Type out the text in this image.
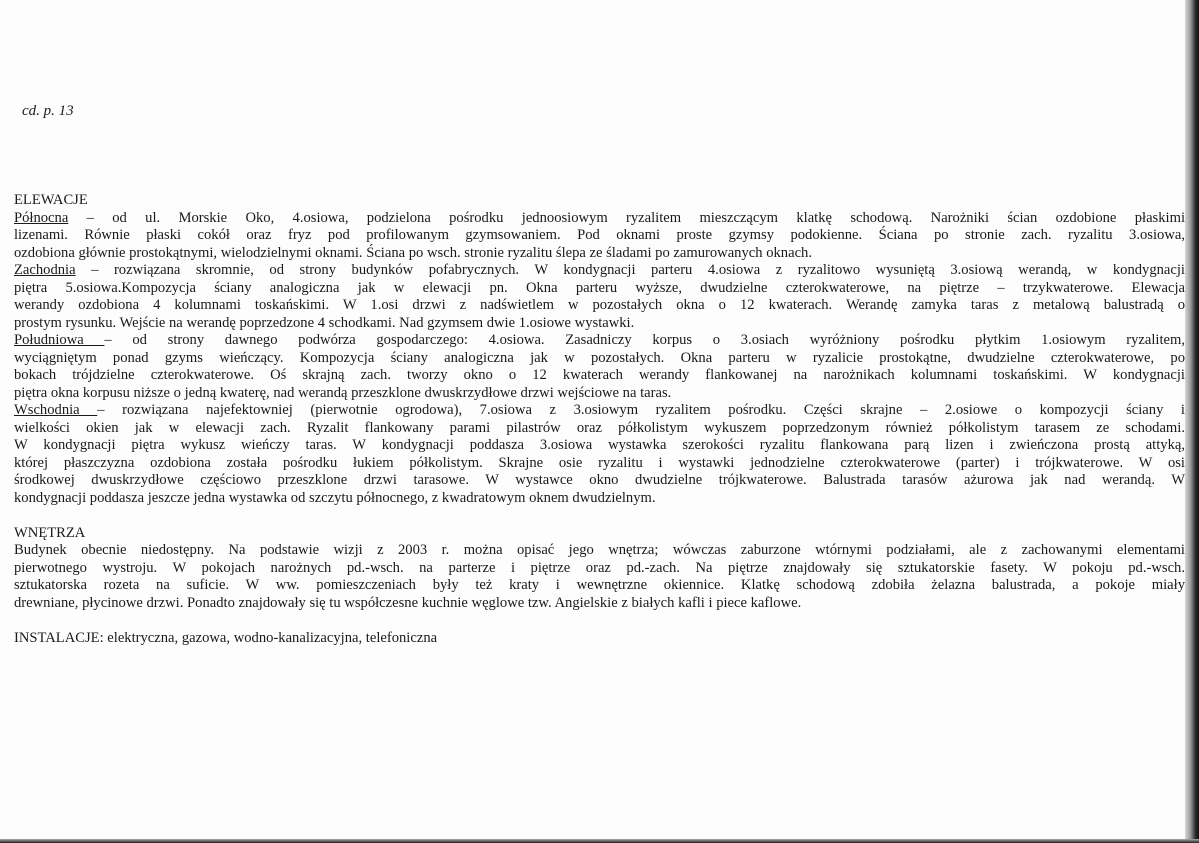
cd. p. 13
ELEWACJE
Północna – od ul. Morskie Oko, 4.osiowa, podzielona pośrodku jednoosiowym ryzalitem mieszczącym klatkę schodową. Narożniki ścian ozdobione płaskimi
lizenami. Równie płaski cokół oraz fryz pod profilowanym gzymsowaniem. Pod oknami proste gzymsy podokienne. Ściana po stronie zach. ryzalitu 3.osiowa,
ozdobiona głównie prostokątnymi, wielodzielnymi oknami. Ściana po wsch. stronie ryzalitu ślepa ze śladami po zamurowanych oknach.
Zachodnia – rozwiązana skromnie, od strony budynków pofabrycznych. W kondygnacji parteru 4.osiowa z ryzalitowo wysuniętą 3.osiową werandą, w kondygnacji
piętra 5.osiowa.Kompozycja ściany analogiczna jak w elewacji pn. Okna parteru wyższe, dwudzielne czterokwaterowe, na piętrze – trzykwaterowe. Elewacja
werandy ozdobiona 4 kolumnami toskańskimi. W 1.osi drzwi z nadświetlem w pozostałych okna o 12 kwaterach. Werandę zamyka taras z metalową balustradą o
prostym rysunku. Wejście na werandę poprzedzone 4 schodkami. Nad gzymsem dwie 1.osiowe wystawki.
Południowa – od strony dawnego podwórza gospodarczego: 4.osiowa. Zasadniczy korpus o 3.osiach wyróżniony pośrodku płytkim 1.osiowym ryzalitem,
wyciągniętym ponad gzyms wieńczący. Kompozycja ściany analogiczna jak w pozostałych. Okna parteru w ryzalicie prostokątne, dwudzielne czterokwaterowe, po
bokach trójdzielne czterokwaterowe. Oś skrajną zach. tworzy okno o 12 kwaterach werandy flankowanej na narożnikach kolumnami toskańskimi. W kondygnacji
piętra okna korpusu niższe o jedną kwaterę, nad werandą przeszklone dwuskrzydłowe drzwi wejściowe na taras.
Wschodnia – rozwiązana najefektowniej (pierwotnie ogrodowa), 7.osiowa z 3.osiowym ryzalitem pośrodku. Części skrajne – 2.osiowe o kompozycji ściany i
wielkości okien jak w elewacji zach. Ryzalit flankowany parami pilastrów oraz półkolistym wykuszem poprzedzonym również półkolistym tarasem ze schodami.
W kondygnacji piętra wykusz wieńczy taras. W kondygnacji poddasza 3.osiowa wystawka szerokości ryzalitu flankowana parą lizen i zwieńczona prostą attyką,
której płaszczyzna ozdobiona została pośrodku łukiem półkolistym. Skrajne osie ryzalitu i wystawki jednodzielne czterokwaterowe (parter) i trójkwaterowe. W osi
środkowej dwuskrzydłowe częściowo przeszklone drzwi tarasowe. W wystawce okno dwudzielne trójkwaterowe. Balustrada tarasów ażurowa jak nad werandą. W
kondygnacji poddasza jeszcze jedna wystawka od szczytu północnego, z kwadratowym oknem dwudzielnym.
WNĘTRZA
Budynek obecnie niedostępny. Na podstawie wizji z 2003 r. można opisać jego wnętrza; wówczas zaburzone wtórnymi podziałami, ale z zachowanymi elementami
pierwotnego wystroju. W pokojach narożnych pd.-wsch. na parterze i piętrze oraz pd.-zach. Na piętrze znajdowały się sztukatorskie fasety. W pokoju pd.-wsch.
sztukatorska rozeta na suficie. W ww. pomieszczeniach były też kraty i wewnętrzne okiennice. Klatkę schodową zdobiła żelazna balustrada, a pokoje miały
drewniane, płycinowe drzwi. Ponadto znajdowały się tu współczesne kuchnie węglowe tzw. Angielskie z białych kafli i piece kaflowe.
INSTALACJE: elektryczna, gazowa, wodno-kanalizacyjna, telefoniczna
